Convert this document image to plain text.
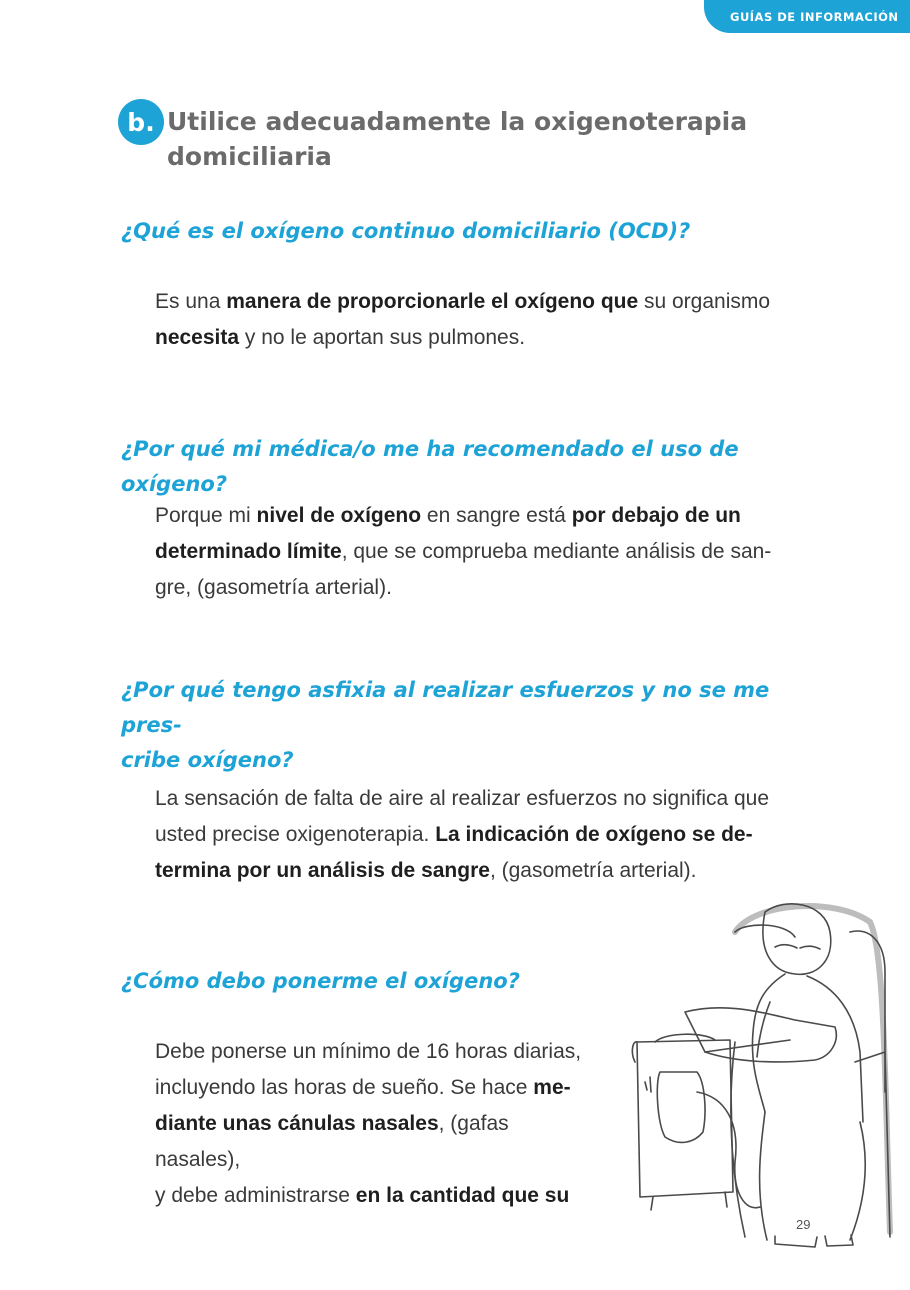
GUÍAS DE INFORMACIÓN
b. Utilice adecuadamente la oxigenoterapia domiciliaria
¿Qué es el oxígeno continuo domiciliario (OCD)?

Es una manera de proporcionarle el oxígeno que su organismo
necesita y no le aportan sus pulmones.

¿Por qué mi médica/o me ha recomendado el uso de oxígeno?

Porque mi nivel de oxígeno en sangre está por debajo de un
determinado límite, que se comprueba mediante análisis de san-
gre, (gasometría arterial).

¿Por qué tengo asfixia al realizar esfuerzos y no se me pres-
cribe oxígeno?

La sensación de falta de aire al realizar esfuerzos no significa que
usted precise oxigenoterapia. La indicación de oxígeno se de-
termina por un análisis de sangre, (gasometría arterial).

¿Cómo debo ponerme el oxígeno?

Debe ponerse un mínimo de 16 horas diarias,
incluyendo las horas de sueño. Se hace me-
diante unas cánulas nasales, (gafas nasales),
y debe administrarse en la cantidad que su

29
